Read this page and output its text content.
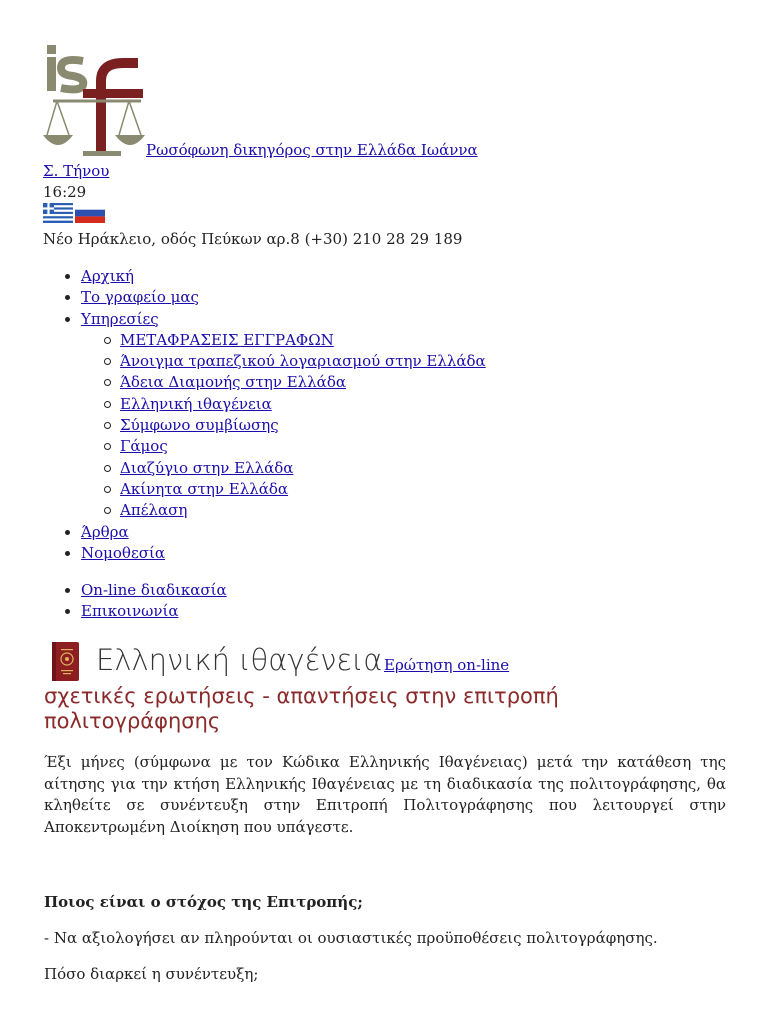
Ρωσόφωνη δικηγόρος στην Ελλάδα Ιωάννα
Σ. Τήνου
16:29
Νέο Ηράκλειο, οδός Πεύκων αρ.8 (+30) 210 28 29 189
Αρχική
Το γραφείο μας
Υπηρεσίες
ΜΕΤΑΦΡΑΣΕΙΣ ΕΓΓΡΑΦΩΝ
Άνοιγμα τραπεζικού λογαριασμού στην Ελλάδα
Άδεια Διαμονής στην Ελλάδα
Ελληνική ιθαγένεια
Σύμφωνο συμβίωσης
Γάμος
Διαζύγιο στην Ελλάδα
Ακίνητα στην Ελλάδα
Απέλαση
Άρθρα
Νομοθεσία
On-line διαδικασία
Επικοινωνία
Ελληνική ιθαγένεια Ερώτηση on-line
σχετικές ερωτήσεις - απαντήσεις στην επιτροπή πολιτογράφησης
Έξι μήνες (σύμφωνα με τον Κώδικα Ελληνικής Ιθαγένειας) μετά την κατάθεση της αίτησης για την κτήση Ελληνικής Ιθαγένειας με τη διαδικασία της πολιτογράφησης, θα κληθείτε σε συνέντευξη στην Επιτροπή Πολιτογράφησης που λειτουργεί στην Αποκεντρωμένη Διοίκηση που υπάγεστε.
Ποιος είναι ο στόχος της Επιτροπής;
- Να αξιολογήσει αν πληρούνται οι ουσιαστικές προϋποθέσεις πολιτογράφησης.
Πόσο διαρκεί η συνέντευξη;
